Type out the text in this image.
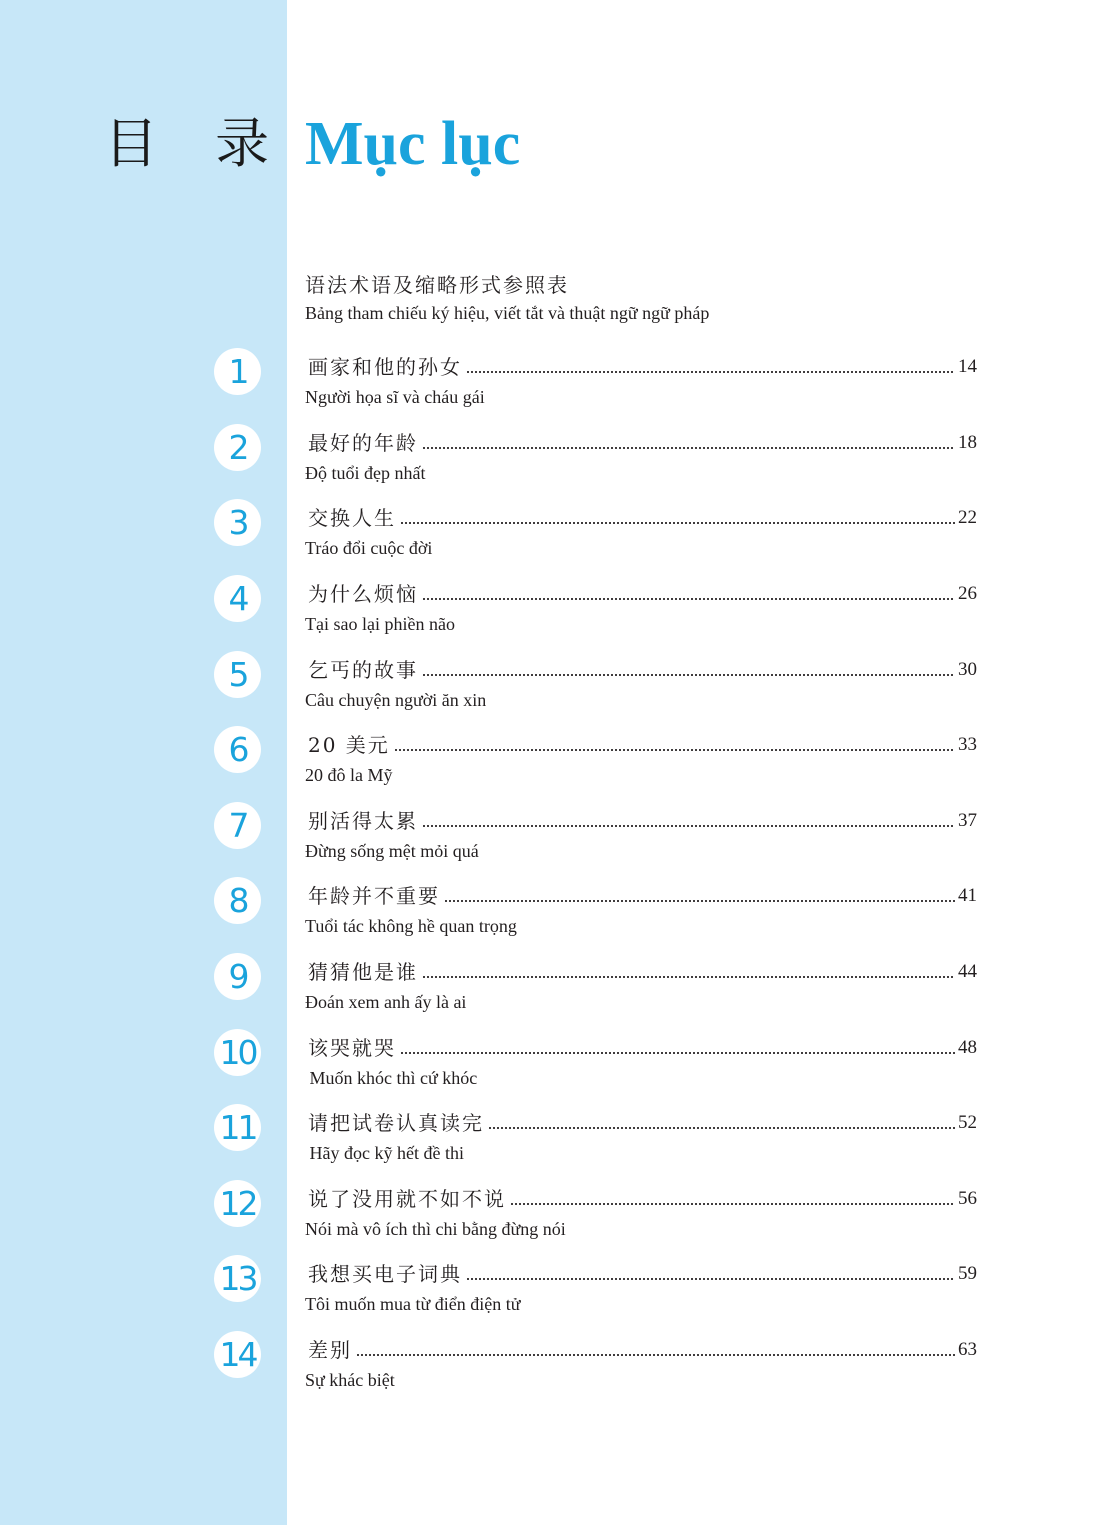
目 录 Mục lục
语法术语及缩略形式参照表
Bảng tham chiếu ký hiệu, viết tắt và thuật ngữ ngữ pháp
1	画家和他的孙女	14
Người họa sĩ và cháu gái
2	最好的年龄	18
Độ tuổi đẹp nhất
3	交换人生	22
Tráo đổi cuộc đời
4	为什么烦恼	26
Tại sao lại phiền não
5	乞丐的故事	30
Câu chuyện người ăn xin
6	20 美元	33
20 đô la Mỹ
7	别活得太累	37
Đừng sống mệt mỏi quá
8	年龄并不重要	41
Tuổi tác không hề quan trọng
9	猜猜他是谁	44
Đoán xem anh ấy là ai
10	该哭就哭	48
Muốn khóc thì cứ khóc
11	请把试卷认真读完	52
Hãy đọc kỹ hết đề thi
12	说了没用就不如不说	56
Nói mà vô ích thì chi bằng đừng nói
13	我想买电子词典	59
Tôi muốn mua từ điển điện tử
14	差别	63
Sự khác biệt
